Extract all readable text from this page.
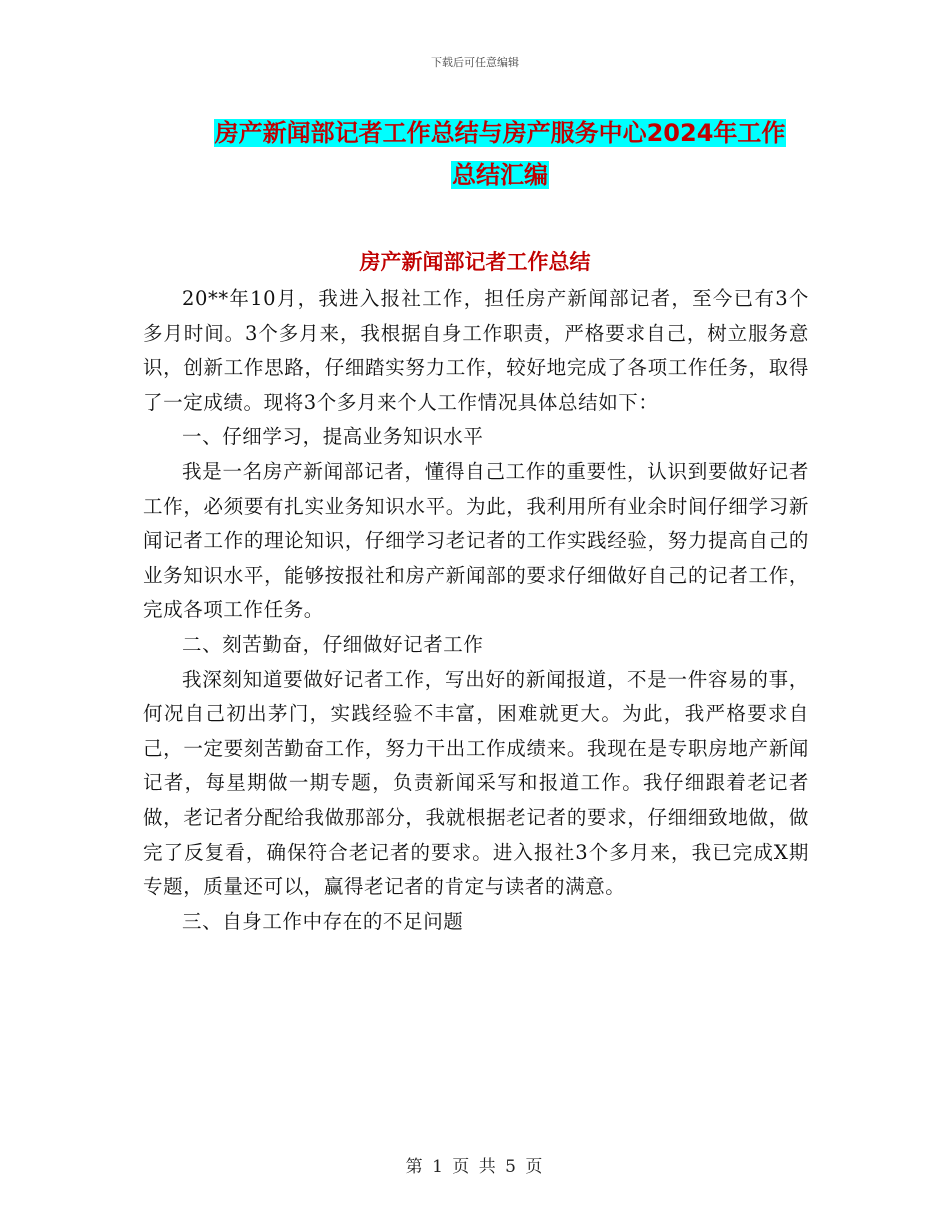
下载后可任意编辑
房产新闻部记者工作总结与房产服务中心2024年工作
总结汇编
房产新闻部记者工作总结

20**年10月，我进入报社工作，担任房产新闻部记者，至今已有3个多月时间。3个多月来，我根据自身工作职责，严格要求自己，树立服务意识，创新工作思路，仔细踏实努力工作，较好地完成了各项工作任务，取得了一定成绩。现将3个多月来个人工作情况具体总结如下：

一、仔细学习，提高业务知识水平

我是一名房产新闻部记者，懂得自己工作的重要性，认识到要做好记者工作，必须要有扎实业务知识水平。为此，我利用所有业余时间仔细学习新闻记者工作的理论知识，仔细学习老记者的工作实践经验，努力提高自己的业务知识水平，能够按报社和房产新闻部的要求仔细做好自己的记者工作，完成各项工作任务。

二、刻苦勤奋，仔细做好记者工作

我深刻知道要做好记者工作，写出好的新闻报道，不是一件容易的事，何况自己初出茅门，实践经验不丰富，困难就更大。为此，我严格要求自己，一定要刻苦勤奋工作，努力干出工作成绩来。我现在是专职房地产新闻记者，每星期做一期专题，负责新闻采写和报道工作。我仔细跟着老记者做，老记者分配给我做那部分，我就根据老记者的要求，仔细细致地做，做完了反复看，确保符合老记者的要求。进入报社3个多月来，我已完成X期专题，质量还可以，赢得老记者的肯定与读者的满意。

三、自身工作中存在的不足问题

第 1 页 共 5 页
